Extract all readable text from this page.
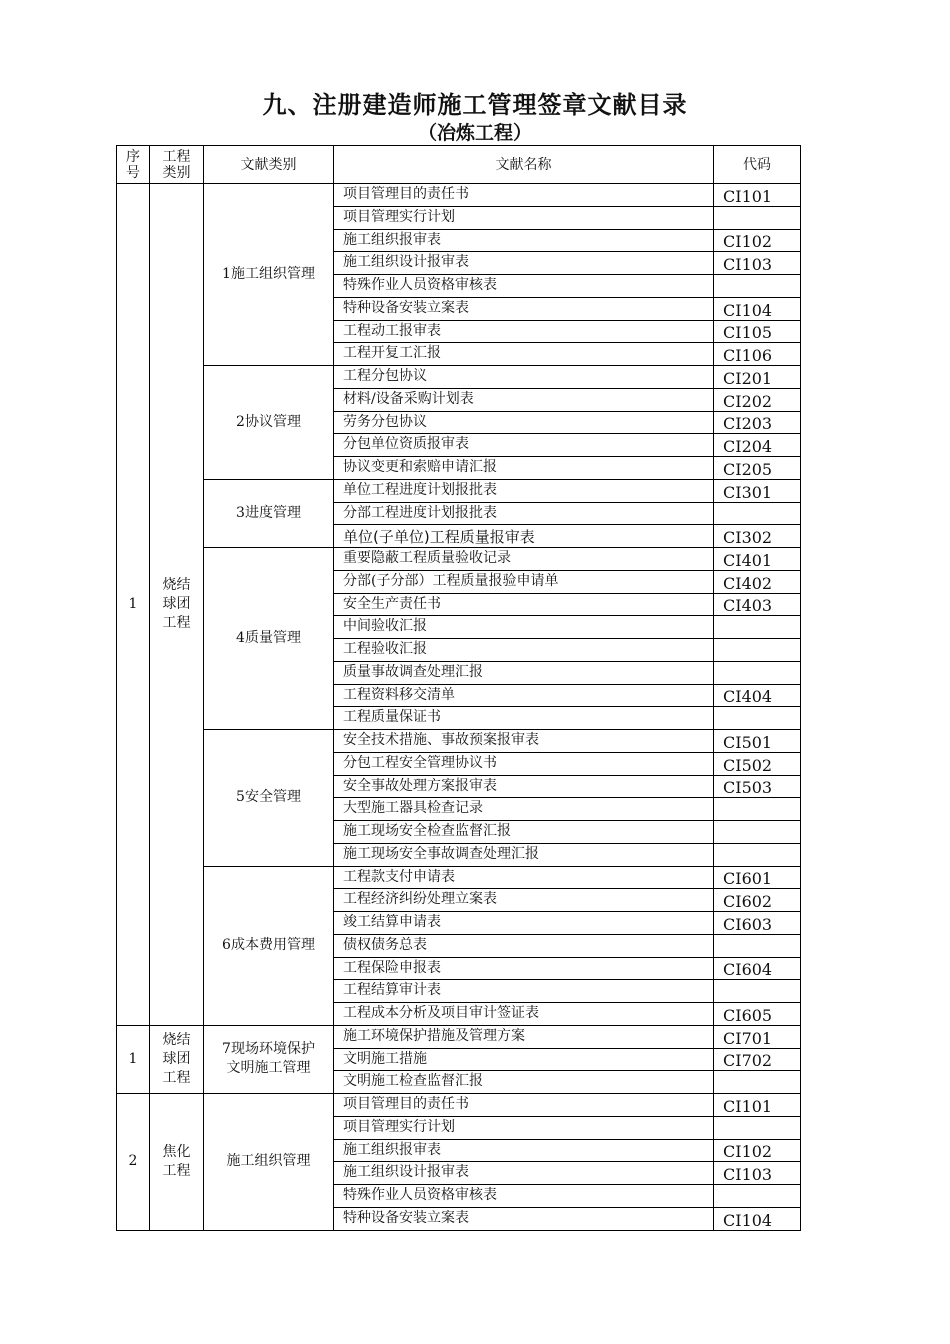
九、注册建造师施工管理签章文献目录
（冶炼工程）
序号	工程类别	文献类别	文献名称	代码
1	烧结球团工程	1施工组织管理	项目管理目的责任书	CI101
			项目管理实行计划	
			施工组织报审表	CI102
			施工组织设计报审表	CI103
			特殊作业人员资格审核表	
			特种设备安装立案表	CI104
			工程动工报审表	CI105
			工程开复工汇报	CI106
		2协议管理	工程分包协议	CI201
			材料/设备采购计划表	CI202
			劳务分包协议	CI203
			分包单位资质报审表	CI204
			协议变更和索赔申请汇报	CI205
		3进度管理	单位工程进度计划报批表	CI301
			分部工程进度计划报批表	
			单位(子单位)工程质量报审表	CI302
		4质量管理	重要隐蔽工程质量验收记录	CI401
			分部(子分部）工程质量报验申请单	CI402
			安全生产责任书	CI403
			中间验收汇报	
			工程验收汇报	
			质量事故调查处理汇报	
			工程资料移交清单	CI404
			工程质量保证书	
		5安全管理	安全技术措施、事故预案报审表	CI501
			分包工程安全管理协议书	CI502
			安全事故处理方案报审表	CI503
			大型施工器具检查记录	
			施工现场安全检查监督汇报	
			施工现场安全事故调查处理汇报	
		6成本费用管理	工程款支付申请表	CI601
			工程经济纠纷处理立案表	CI602
			竣工结算申请表	CI603
			债权债务总表	
			工程保险申报表	CI604
			工程结算审计表	
			工程成本分析及项目审计签证表	CI605
1	烧结球团工程	7现场环境保护文明施工管理	施工环境保护措施及管理方案	CI701
			文明施工措施	CI702
			文明施工检查监督汇报	
2	焦化工程	施工组织管理	项目管理目的责任书	CI101
			项目管理实行计划	
			施工组织报审表	CI102
			施工组织设计报审表	CI103
			特殊作业人员资格审核表	
			特种设备安装立案表	CI104
